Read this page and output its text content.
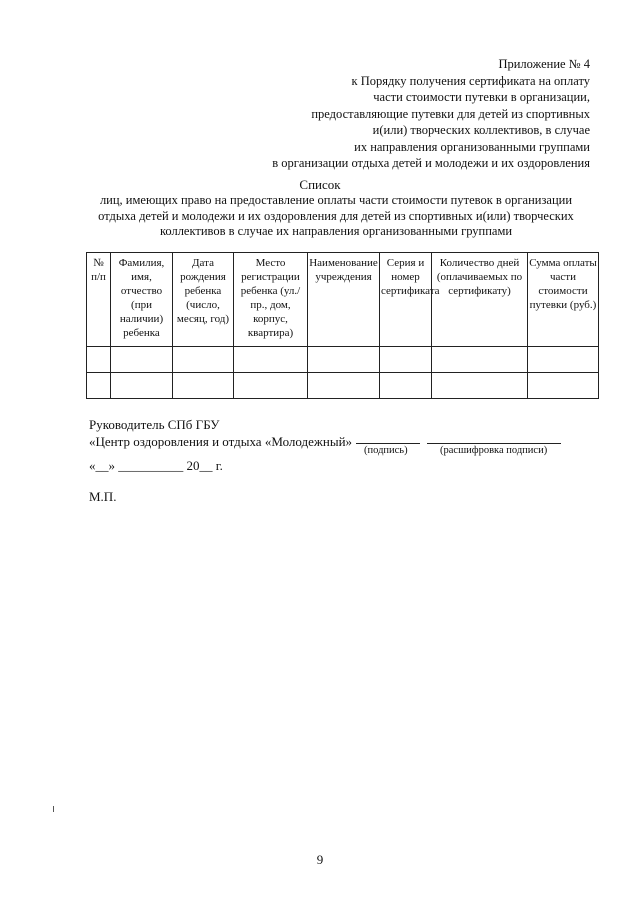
Приложение № 4
к Порядку получения сертификата на оплату
части стоимости путевки в организации,
предоставляющие путевки для детей из спортивных
и(или) творческих коллективов, в случае
их направления организованными группами
в организации отдыха детей и молодежи и их оздоровления
Список
лиц, имеющих право на предоставление оплаты части стоимости путевок в организации
отдыха детей и молодежи и их оздоровления для детей из спортивных и(или) творческих
коллективов в случае их направления организованными группами
№ п/п	Фамилия, имя, отчество (при наличии) ребенка	Дата рождения ребенка (число, месяц, год)	Место регистрации ребенка (ул./пр., дом, корпус, квартира)	Наименование учреждения	Серия и номер сертификата	Количество дней (оплачиваемых по сертификату)	Сумма оплаты части стоимости путевки (руб.)

Руководитель СПб ГБУ
«Центр оздоровления и отдыха «Молодежный»
(подпись)	(расшифровка подписи)
«__» __________ 20__ г.
М.П.
9
